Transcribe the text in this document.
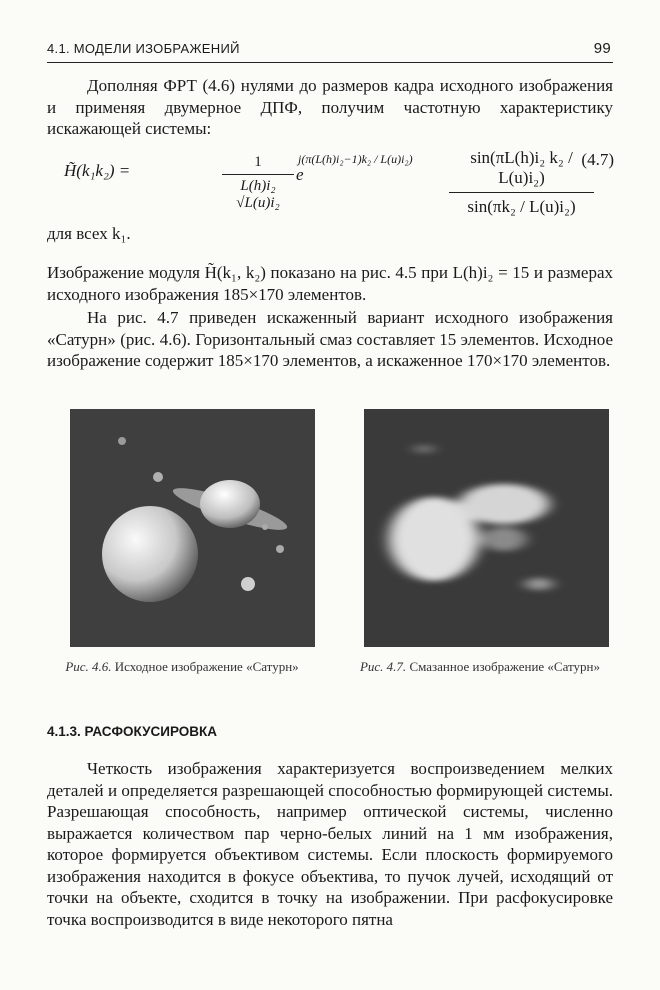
4.1. МОДЕЛИ ИЗОБРАЖЕНИЙ	99

Дополняя ФРТ (4.6) нулями до размеров кадра исходного изображения и применяя двумерное ДПФ, получим частотную характеристику искажающей системы:

H̃(k₁k₂) =	1
L(h)i₂ √L(u)i₂
e
j(π(L(h)i₂−1)k₂ / L(u)i₂)	sin(πL(h)i₂ k₂ / L(u)i₂)
sin(πk₂ / L(u)i₂)
(4.7)

для всех k₁.

Изображение модуля H̃(k₁, k₂) показано на рис. 4.5 при L(h)i₂ = 15 и размерах исходного изображения 185×170 элементов.

На рис. 4.7 приведен искаженный вариант исходного изображения «Сатурн» (рис. 4.6). Горизонтальный смаз составляет 15 элементов. Исходное изображение содержит 185×170 элементов, а искаженное 170×170 элементов.

Рис. 4.6. Исходное изображение «Сатурн»	Рис. 4.7. Смазанное изображение «Сатурн»
4.1.3. РАСФОКУСИРОВКА

Четкость изображения характеризуется воспроизведением мелких деталей и определяется разрешающей способностью формирующей системы. Разрешающая способность, например оптической системы, численно выражается количеством пар черно-белых линий на 1 мм изображения, которое формируется объективом системы. Если плоскость формируемого изображения находится в фокусе объектива, то пучок лучей, исходящий от точки на объекте, сходится в точку на изображении. При расфокусировке точка воспроизводится в виде некоторого пятна
